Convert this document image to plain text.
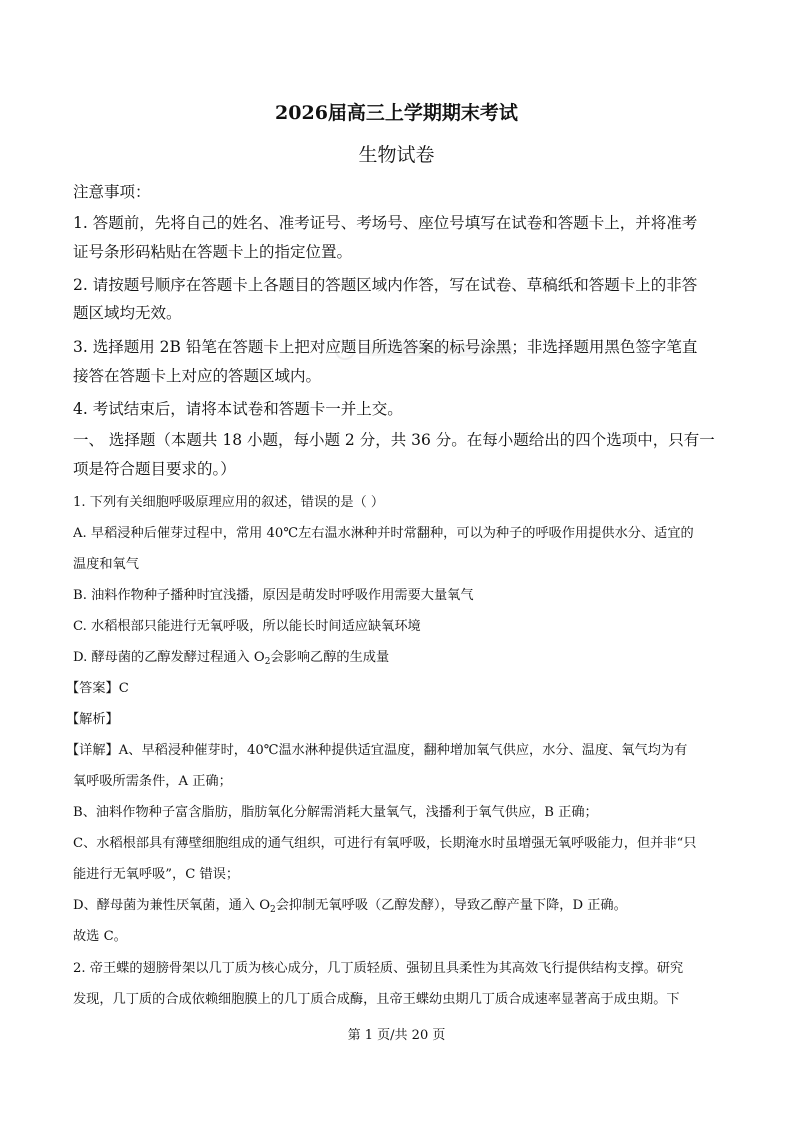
2026届高三上学期期末考试
生物试卷
注意事项：
1. 答题前，先将自己的姓名、准考证号、考场号、座位号填写在试卷和答题卡上，并将准考
证号条形码粘贴在答题卡上的指定位置。
2. 请按题号顺序在答题卡上各题目的答题区域内作答，写在试卷、草稿纸和答题卡上的非答
题区域均无效。
3. 选择题用 2B 铅笔在答题卡上把对应题目所选答案的标号涂黑；非选择题用黑色签字笔直
接答在答题卡上对应的答题区域内。
4. 考试结束后，请将本试卷和答题卡一并上交。
一、 选择题（本题共 18 小题，每小题 2 分，共 36 分。在每小题给出的四个选项中，只有一
项是符合题目要求的。）
1. 下列有关细胞呼吸原理应用的叙述，错误的是（ ）
A. 早稻浸种后催芽过程中，常用 40℃左右温水淋种并时常翻种，可以为种子的呼吸作用提供水分、适宜的
温度和氧气
B. 油料作物种子播种时宜浅播，原因是萌发时呼吸作用需要大量氧气
C. 水稻根部只能进行无氧呼吸，所以能长时间适应缺氧环境
D. 酵母菌的乙醇发酵过程通入 $O_2$会影响乙醇的生成量
【答案】C
【解析】
【详解】A、早稻浸种催芽时，40℃温水淋种提供适宜温度，翻种增加氧气供应，水分、温度、氧气均为有
氧呼吸所需条件，A 正确；
B、油料作物种子富含脂肪，脂肪氧化分解需消耗大量氧气，浅播利于氧气供应，B 正确；
C、水稻根部具有薄壁细胞组成的通气组织，可进行有氧呼吸，长期淹水时虽增强无氧呼吸能力，但并非“只
能进行无氧呼吸”，C 错误；
D、酵母菌为兼性厌氧菌，通入 $O_2$会抑制无氧呼吸（乙醇发酵），导致乙醇产量下降，D 正确。
故选 C。
2. 帝王蝶的翅膀骨架以几丁质为核心成分，几丁质轻质、强韧且具柔性为其高效飞行提供结构支撑。研究
发现，几丁质的合成依赖细胞膜上的几丁质合成酶，且帝王蝶幼虫期几丁质合成速率显著高于成虫期。下
第 1 页/共 20 页
